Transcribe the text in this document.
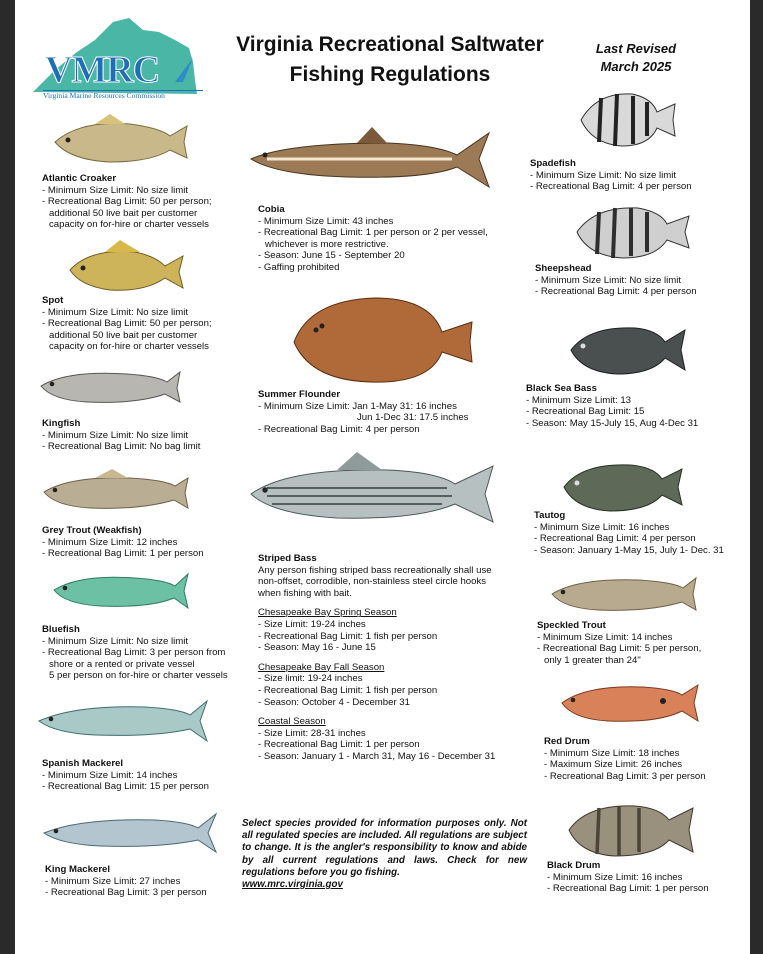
VMRC
Virginia Marine Resources Commission
Virginia Recreational Saltwater
Fishing Regulations
Last Revised
March 2025
Atlantic Croaker
- Minimum Size Limit: No size limit
- Recreational Bag Limit: 50 per person;
additional 50 live bait per customer
capacity on for-hire or charter vessels
Spot
- Minimum Size Limit: No size limit
- Recreational Bag Limit: 50 per person;
additional 50 live bait per customer
capacity on for-hire or charter vessels
Kingfish
- Minimum Size Limit: No size limit
- Recreational Bag Limit: No bag limit
Grey Trout (Weakfish)
- Minimum Size Limit: 12 inches
- Recreational Bag Limit: 1 per person
Bluefish
- Minimum Size Limit: No size limit
- Recreational Bag Limit: 3 per person from
shore or a rented or private vessel
5 per person on for-hire or charter vessels
Spanish Mackerel
- Minimum Size Limit: 14 inches
- Recreational Bag Limit: 15 per person
King Mackerel
- Minimum Size Limit: 27 inches
- Recreational Bag Limit: 3 per person
Cobia
- Minimum Size Limit: 43 inches
- Recreational Bag Limit: 1 per person or 2 per vessel,
whichever is more restrictive.
- Season: June 15 - September 20
- Gaffing prohibited
Summer Flounder
- Minimum Size Limit: Jan 1-May 31: 16 inches
Jun 1-Dec 31: 17.5 inches
- Recreational Bag Limit: 4 per person
Striped Bass
Any person fishing striped bass recreationally shall use
non-offset, corrodible, non-stainless steel circle hooks
when fishing with bait.
Chesapeake Bay Spring Season
- Size Limit: 19-24 inches
- Recreational Bag Limit: 1 fish per person
- Season: May 16 - June 15
Chesapeake Bay Fall Season
- Size limit: 19-24 inches
- Recreational Bag Limit: 1 fish per person
- Season: October 4 - December 31
Coastal Season
- Size Limit: 28-31 inches
- Recreational Bag Limit: 1 per person
- Season: January 1 - March 31, May 16 - December 31
Select species provided for information purposes only. Not all regulated species are included. All regulations are subject to change. It is the angler's responsibility to know and abide by all current regulations and laws. Check for new regulations before you go fishing.
www.mrc.virginia.gov
Spadefish
- Minimum Size Limit: No size limit
- Recreational Bag Limit: 4 per person
Sheepshead
- Minimum Size Limit: No size limit
- Recreational Bag Limit: 4 per person
Black Sea Bass
- Minimum Size Limit: 13
- Recreational Bag Limit: 15
- Season: May 15-July 15, Aug 4-Dec 31
Tautog
- Minimum Size Limit: 16 inches
- Recreational Bag Limit: 4 per person
- Season: January 1-May 15, July 1- Dec. 31
Speckled Trout
- Minimum Size Limit: 14 inches
- Recreational Bag Limit: 5 per person,
only 1 greater than 24"
Red Drum
- Minimum Size Limit: 18 inches
- Maximum Size Limit: 26 inches
- Recreational Bag Limit: 3 per person
Black Drum
- Minimum Size Limit: 16 inches
- Recreational Bag Limit: 1 per person
